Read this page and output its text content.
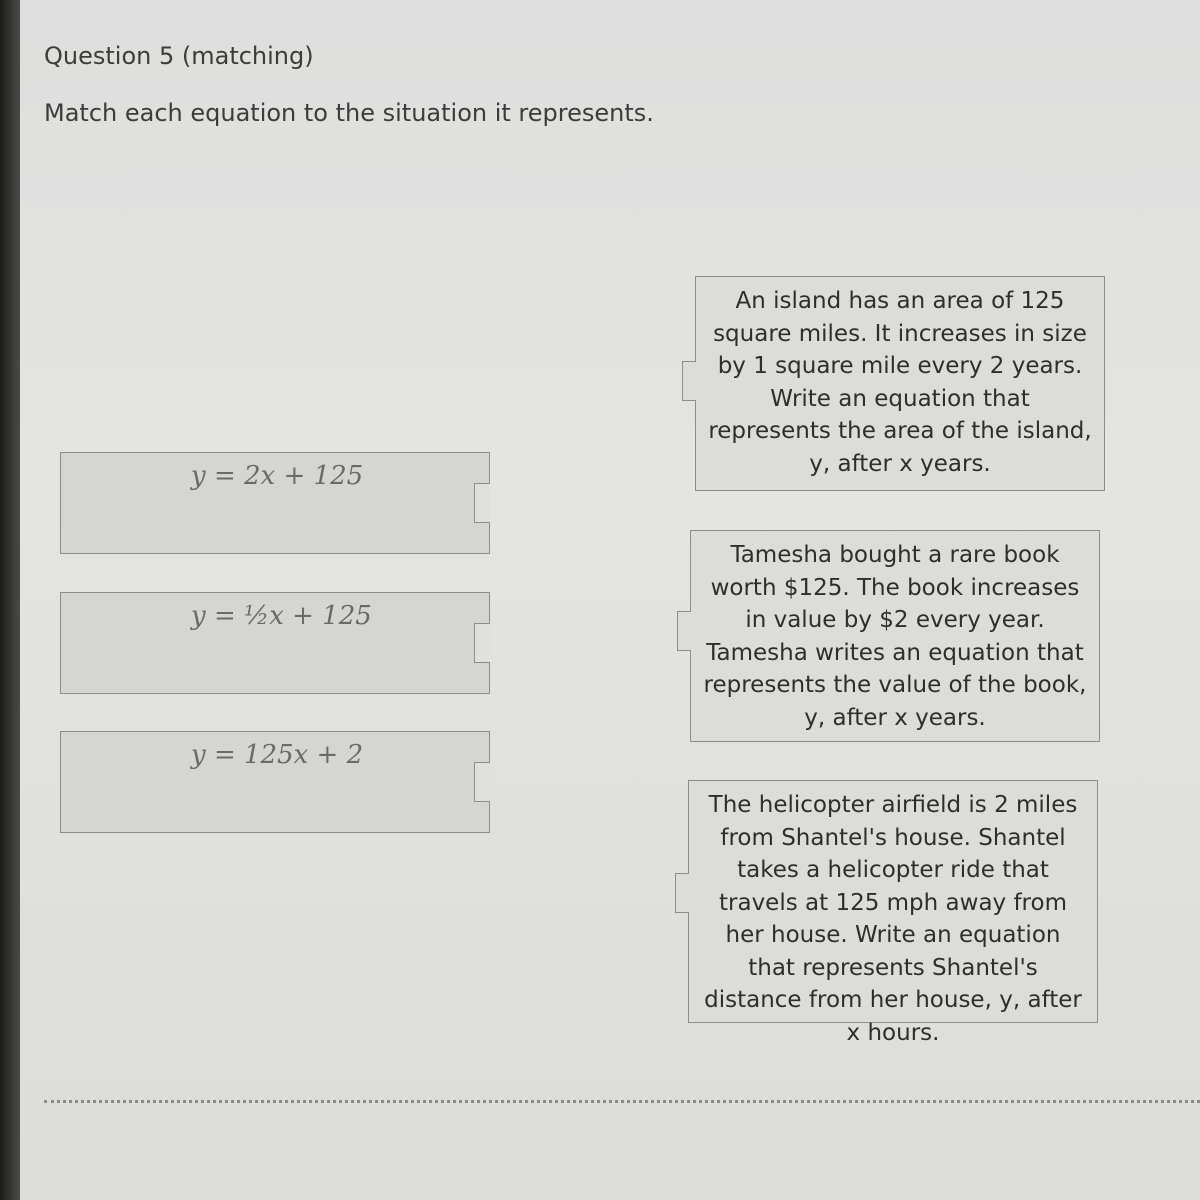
Question 5 (matching)
Match each equation to the situation it represents.
y = 2x + 125
y = ½x + 125
y = 125x + 2
An island has an area of 125 square miles. It increases in size by 1 square mile every 2 years. Write an equation that represents the area of the island, y, after x years.
Tamesha bought a rare book worth $125. The book increases in value by $2 every year. Tamesha writes an equation that represents the value of the book, y, after x years.
The helicopter airfield is 2 miles from Shantel's house. Shantel takes a helicopter ride that travels at 125 mph away from her house. Write an equation that represents Shantel's distance from her house, y, after x hours.
